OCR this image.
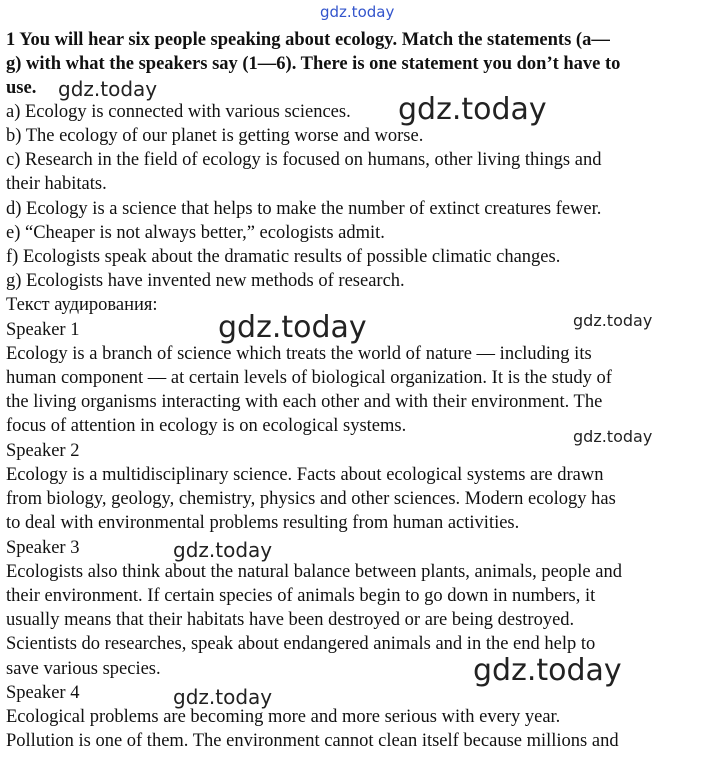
gdz.today
gdz.today
gdz.today
gdz.today	gdz.today
gdz.today
gdz.today
gdz.today
gdz.today
1 You will hear six people speaking about ecology. Match the statements (a—
g) with what the speakers say (1—6). There is one statement you don’t have to
use.
a) Ecology is connected with various sciences.
b) The ecology of our planet is getting worse and worse.
c) Research in the field of ecology is focused on humans, other living things and
their habitats.
d) Ecology is a science that helps to make the number of extinct creatures fewer.
e) “Cheaper is not always better,” ecologists admit.
f) Ecologists speak about the dramatic results of possible climatic changes.
g) Ecologists have invented new methods of research.
Текст аудирования:
Speaker 1
Ecology is a branch of science which treats the world of nature — including its
human component — at certain levels of biological organization. It is the study of
the living organisms interacting with each other and with their environment. The
focus of attention in ecology is on ecological systems.
Speaker 2
Ecology is a multidisciplinary science. Facts about ecological systems are drawn
from biology, geology, chemistry, physics and other sciences. Modern ecology has
to deal with environmental problems resulting from human activities.
Speaker 3
Ecologists also think about the natural balance between plants, animals, people and
their environment. If certain species of animals begin to go down in numbers, it
usually means that their habitats have been destroyed or are being destroyed.
Scientists do researches, speak about endangered animals and in the end help to
save various species.
Speaker 4
Ecological problems are becoming more and more serious with every year.
Pollution is one of them. The environment cannot clean itself because millions and
